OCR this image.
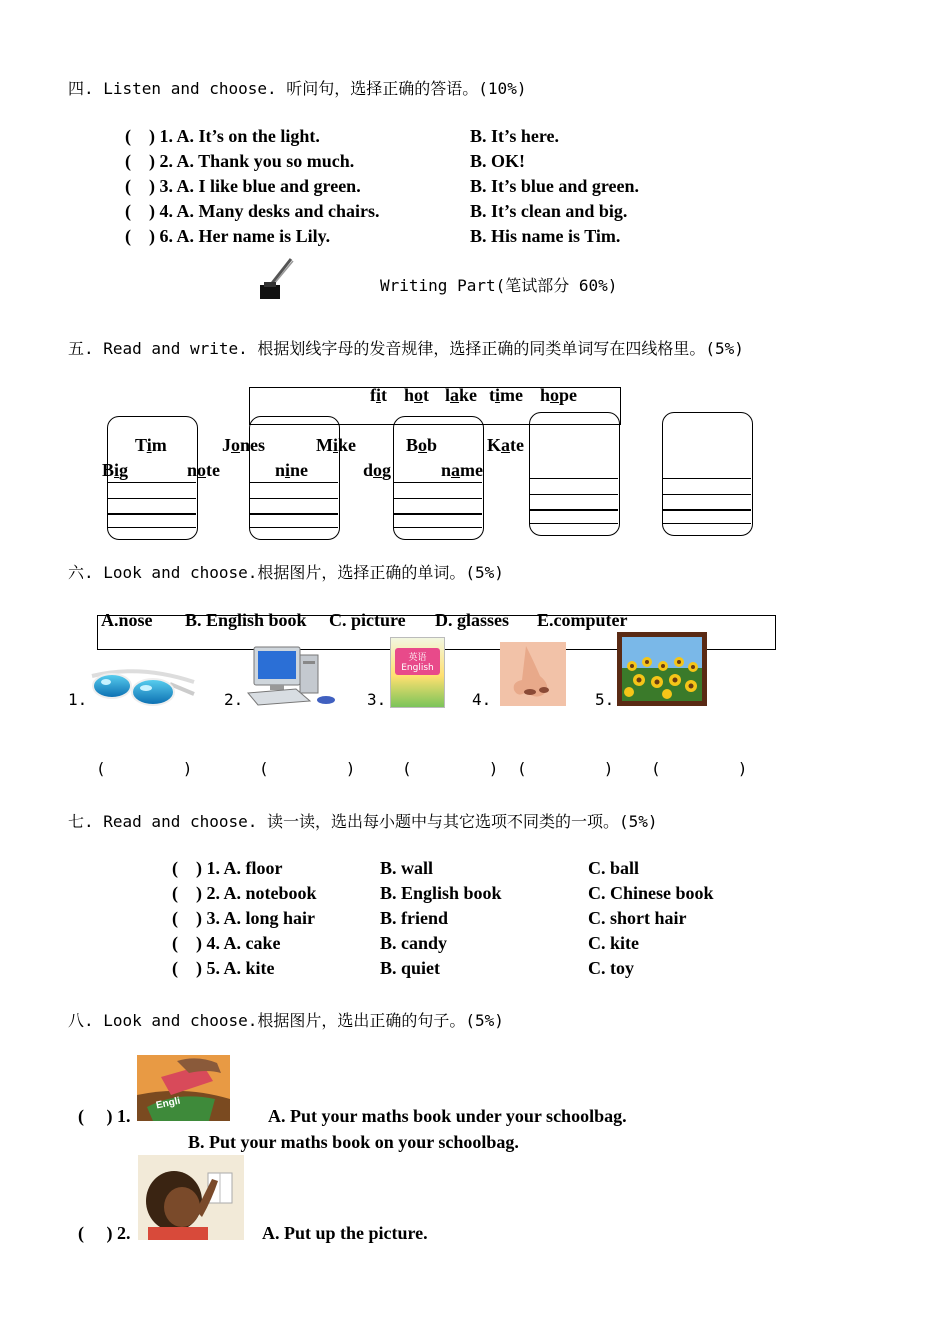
四. Listen and choose. 听问句，选择正确的答语。(10%)
(    ) 1. A. It’s on the light.	B. It’s here.
(    ) 2. A. Thank you so much.	B. OK!
(    ) 3. A. I like blue and green.	B. It’s blue and green.
(    ) 4. A. Many desks and chairs.	B. It’s clean and big.
(    ) 6. A. Her name is Lily.	B. His name is Tim.
Writing Part(笔试部分 60%)
五. Read and write. 根据划线字母的发音规律，选择正确的同类单词写在四线格里。(5%)
fit hot lake time hope
Tim	Jones	Mike	Bob	Kate
Big	note	nine	dog	name
六. Look and choose.根据图片，选择正确的单词。(5%)
A.nose B. English book C. picture D. glasses E.computer
1.	2.	3.	4.	5.
英语 English
(        )	(        )	(        ) (        ) (        )
七. Read and choose. 读一读，选出每小题中与其它选项不同类的一项。(5%)
(    ) 1. A. floor	B. wall	C. ball
(    ) 2. A. notebook	B. English book	C. Chinese book
(    ) 3. A. long hair	B. friend	C. short hair
(    ) 4. A. cake	B. candy	C. kite
(    ) 5. A. kite	B. quiet	C. toy
八. Look and choose.根据图片，选出正确的句子。(5%)
Engli
(     ) 1.	A. Put your maths book under your schoolbag.
B. Put your maths book on your schoolbag.
(     ) 2.	A. Put up the picture.
